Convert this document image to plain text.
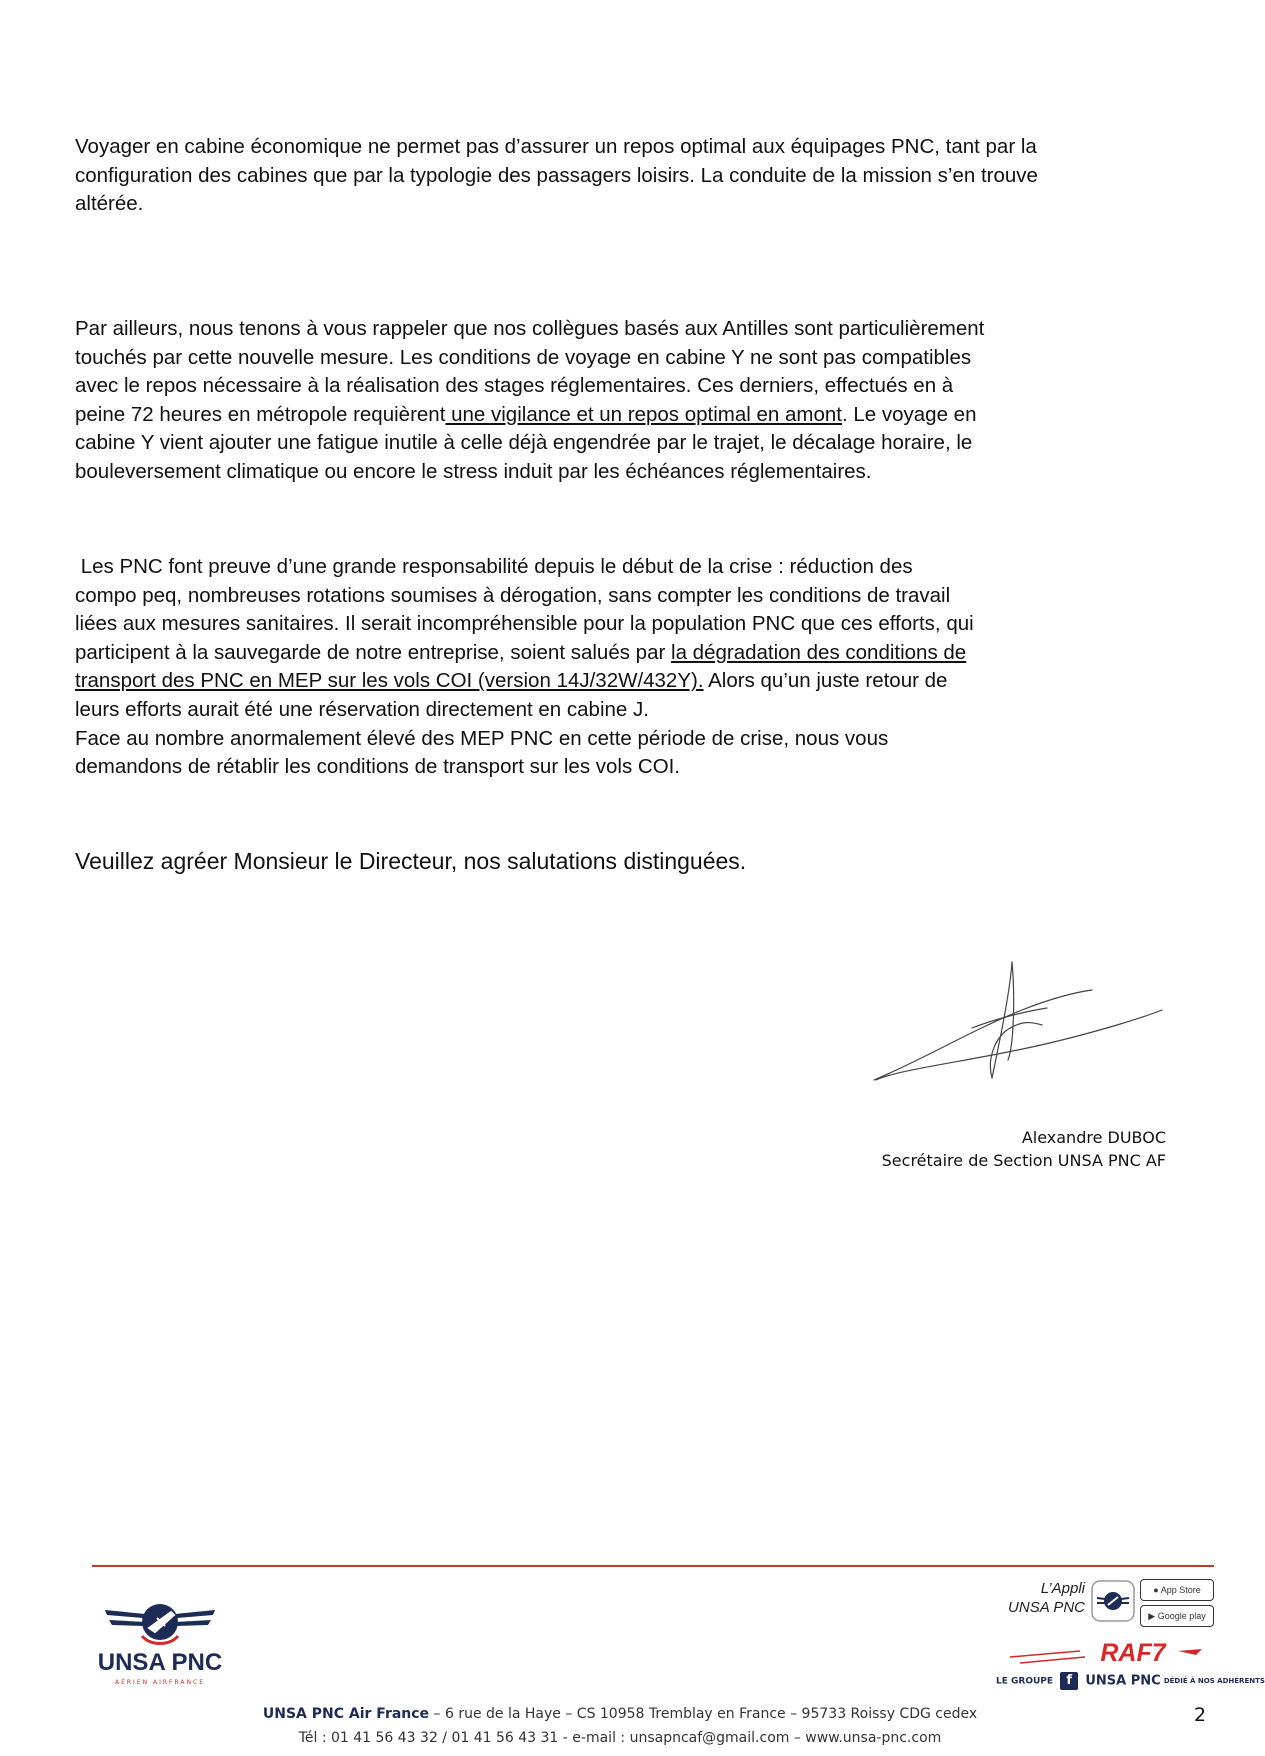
Voyager en cabine économique ne permet pas d’assurer un repos optimal aux équipages PNC, tant par la
configuration des cabines que par la typologie des passagers loisirs. La conduite de la mission s’en trouve
altérée.
Par ailleurs, nous tenons à vous rappeler que nos collègues basés aux Antilles sont particulièrement
touchés par cette nouvelle mesure. Les conditions de voyage en cabine Y ne sont pas compatibles
avec le repos nécessaire à la réalisation des stages réglementaires. Ces derniers, effectués en à
peine 72 heures en métropole requièrent une vigilance et un repos optimal en amont. Le voyage en
cabine Y vient ajouter une fatigue inutile à celle déjà engendrée par le trajet, le décalage horaire, le
bouleversement climatique ou encore le stress induit par les échéances réglementaires.
Les PNC font preuve d’une grande responsabilité depuis le début de la crise : réduction des
compo peq, nombreuses rotations soumises à dérogation, sans compter les conditions de travail
liées aux mesures sanitaires. Il serait incompréhensible pour la population PNC que ces efforts, qui
participent à la sauvegarde de notre entreprise, soient salués par la dégradation des conditions de
transport des PNC en MEP sur les vols COI (version 14J/32W/432Y). Alors qu’un juste retour de
leurs efforts aurait été une réservation directement en cabine J.
Face au nombre anormalement élevé des MEP PNC en cette période de crise, nous vous
demandons de rétablir les conditions de transport sur les vols COI.
Veuillez agréer Monsieur le Directeur, nos salutations distinguées.
Alexandre DUBOC
Secrétaire de Section UNSA PNC AF
UNSA PNC
AÉRIEN AIRFRANCE
L’Appli
UNSA PNC
● App Store
▶ Google play
RAF7
LE GROUPE f UNSA PNC DÉDIÉ À NOS ADHÉRENTS
UNSA PNC Air France – 6 rue de la Haye – CS 10958 Tremblay en France – 95733 Roissy CDG cedex
Tél : 01 41 56 43 32 / 01 41 56 43 31 - e-mail : unsapncaf@gmail.com – www.unsa-pnc.com
2
